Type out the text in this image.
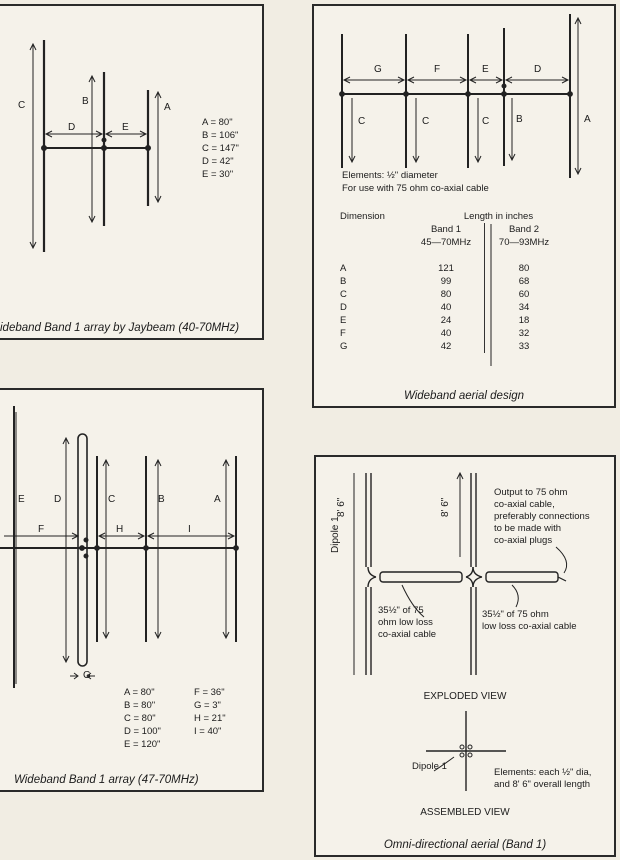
C	B
A
D	E	A = 80"
B = 106"
C = 147"
D = 42"
E = 30"
ideband Band 1 array by Jaybeam (40-70MHz)
G	F	E	D
C	C	C	B	A
Elements: ½" diameter
For use with 75 ohm co-axial cable
Dimension	Length in inches	
	Band 1	Band 2
	45—70MHz	70—93MHz

A	121	80
B	99	68
C	80	60
D	40	34
E	24	18
F	40	32
G	42	33
Wideband aerial design
E	D	C	B	A
F	H	I
G
A = 80"
B = 80"
C = 80"
D = 100"
E = 120"
F = 36"
G = 3"
H = 21"
I = 40"
Wideband Band 1 array (47-70MHz)
Dipole 1
8' 6"	8' 6"
Output to 75 ohm
co-axial cable,
preferably connections
to be made with
co-axial plugs
35½" of 75
ohm low loss
co-axial cable
35½" of 75 ohm
low loss co-axial cable
EXPLODED VIEW
Dipole 1
Elements: each ½" dia,
and 8' 6" overall length
ASSEMBLED VIEW
Omni-directional aerial (Band 1)
